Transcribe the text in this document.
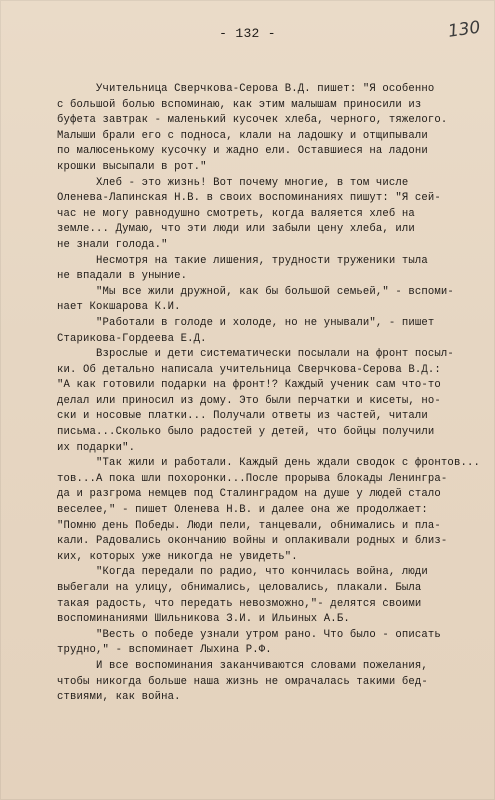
- 132 -	130
Учительница Сверчкова-Серова В.Д. пишет: "Я особенно
с большой болью вспоминаю, как этим малышам приносили из
буфета завтрак - маленький кусочек хлеба, черного, тяжелого.
Малыши брали его с подноса, клали на ладошку и отщипывали
по малюсенькому кусочку и жадно ели. Оставшиеся на ладони
крошки высыпали в рот."
Хлеб - это жизнь! Вот почему многие, в том числе
Оленева-Лапинская Н.В. в своих воспоминаниях пишут: "Я сей-
час не могу равнодушно смотреть, когда валяется хлеб на
земле... Думаю, что эти люди или забыли цену хлеба, или
не знали голода."
Несмотря на такие лишения, трудности труженики тыла
не впадали в уныние.
"Мы все жили дружной, как бы большой семьей," - вспоми-
нает Кокшарова К.И.
"Работали в голоде и холоде, но не унывали", - пишет
Старикова-Гордеева Е.Д.
Взрослые и дети систематически посылали на фронт посыл-
ки. Об детально написала учительница Сверчкова-Серова В.Д.:
"А как готовили подарки на фронт!? Каждый ученик сам что-то
делал или приносил из дому. Это были перчатки и кисеты, но-
ски и носовые платки... Получали ответы из частей, читали
письма...Сколько было радостей у детей, что бойцы получили
их подарки".
"Так жили и работали. Каждый день ждали сводок с фронтов...
тов...А пока шли похоронки...После прорыва блокады Ленингра-
да и разгрома немцев под Сталинградом на душе у людей стало
веселее," - пишет Оленева Н.В. и далее она же продолжает:
"Помню день Победы. Люди пели, танцевали, обнимались и пла-
кали. Радовались окончанию войны и оплакивали родных и близ-
ких, которых уже никогда не увидеть".
"Когда передали по радио, что кончилась война, люди
выбегали на улицу, обнимались, целовались, плакали. Была
такая радость, что передать невозможно,"- делятся своими
воспоминаниями Шильникова З.И. и Ильиных А.Б.
"Весть о победе узнали утром рано. Что было - описать
трудно," - вспоминает Лыхина Р.Ф.
И все воспоминания заканчиваются словами пожелания,
чтобы никогда больше наша жизнь не омрачалась такими бед-
ствиями, как война.
